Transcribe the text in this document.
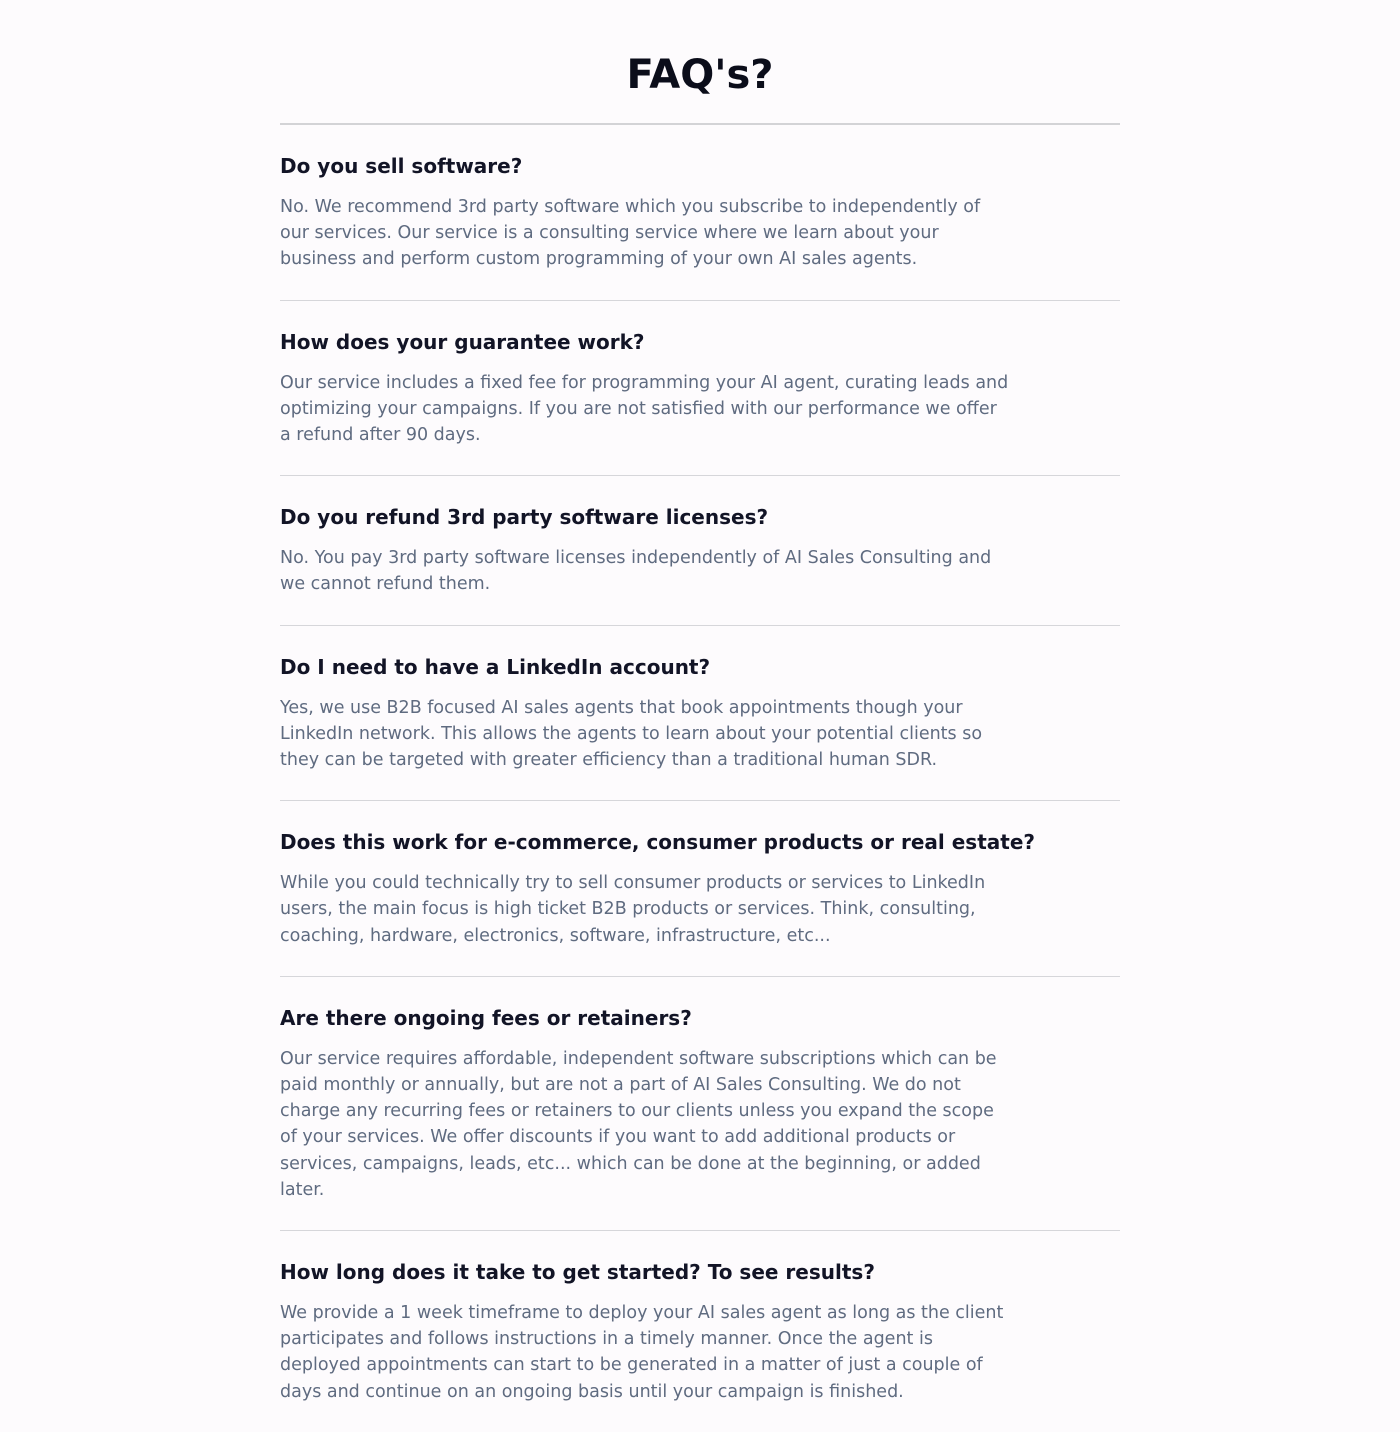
FAQ's?
Do you sell software?

No. We recommend 3rd party software which you subscribe to independently of our services. Our service is a consulting service where we learn about your business and perform custom programming of your own AI sales agents.

How does your guarantee work?

Our service includes a fixed fee for programming your AI agent, curating leads and optimizing your campaigns. If you are not satisfied with our performance we offer a refund after 90 days.

Do you refund 3rd party software licenses?

No. You pay 3rd party software licenses independently of AI Sales Consulting and we cannot refund them.

Do I need to have a LinkedIn account?

Yes, we use B2B focused AI sales agents that book appointments though your LinkedIn network. This allows the agents to learn about your potential clients so they can be targeted with greater efficiency than a traditional human SDR.

Does this work for e-commerce, consumer products or real estate?

While you could technically try to sell consumer products or services to LinkedIn users, the main focus is high ticket B2B products or services. Think, consulting, coaching, hardware, electronics, software, infrastructure, etc...

Are there ongoing fees or retainers?

Our service requires affordable, independent software subscriptions which can be paid monthly or annually, but are not a part of AI Sales Consulting. We do not charge any recurring fees or retainers to our clients unless you expand the scope of your services. We offer discounts if you want to add additional products or services, campaigns, leads, etc... which can be done at the beginning, or added later.

How long does it take to get started? To see results?

We provide a 1 week timeframe to deploy your AI sales agent as long as the client participates and follows instructions in a timely manner. Once the agent is deployed appointments can start to be generated in a matter of just a couple of days and continue on an ongoing basis until your campaign is finished.
